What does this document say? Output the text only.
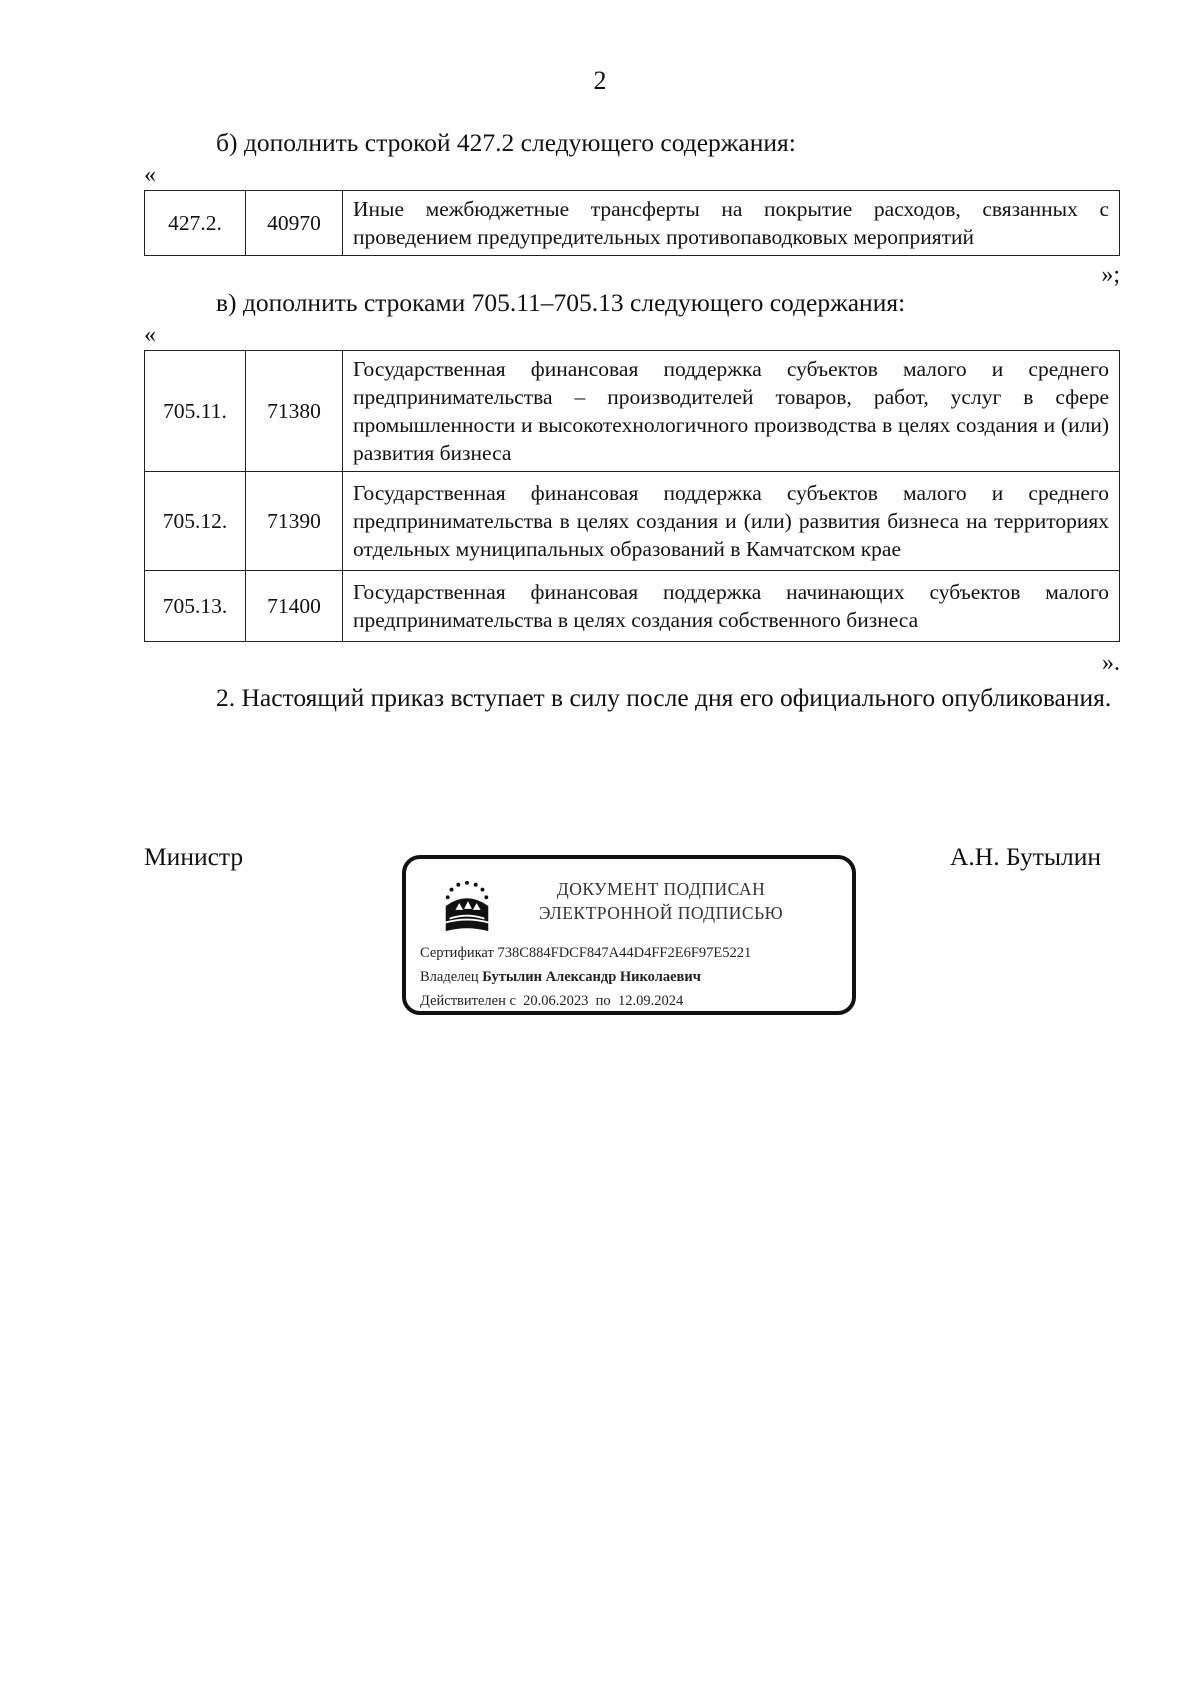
2
б) дополнить строкой 427.2 следующего содержания:
«
427.2.	40970	Иные межбюджетные трансферты на покрытие расходов, связанных с проведением предупредительных противопаводковых мероприятий
»;
в) дополнить строками 705.11–705.13 следующего содержания:
«
705.11.	71380	Государственная финансовая поддержка субъектов малого и среднего предпринимательства – производителей товаров, работ, услуг в сфере промышленности и высокотехнологичного производства в целях создания и (или) развития бизнеса
705.12.	71390	Государственная финансовая поддержка субъектов малого и среднего предпринимательства в целях создания и (или) развития бизнеса на территориях отдельных муниципальных образований в Камчатском крае
705.13.	71400	Государственная финансовая поддержка начинающих субъектов малого предпринимательства в целях создания собственного бизнеса
».
2. Настоящий приказ вступает в силу после дня его официального опубликования.
Министр	А.Н. Бутылин
ДОКУМЕНТ ПОДПИСАН
ЭЛЕКТРОННОЙ ПОДПИСЬЮ
Сертификат 738C884FDCF847A44D4FF2E6F97E5221
Владелец Бутылин Александр Николаевич
Действителен с 20.06.2023 по 12.09.2024
